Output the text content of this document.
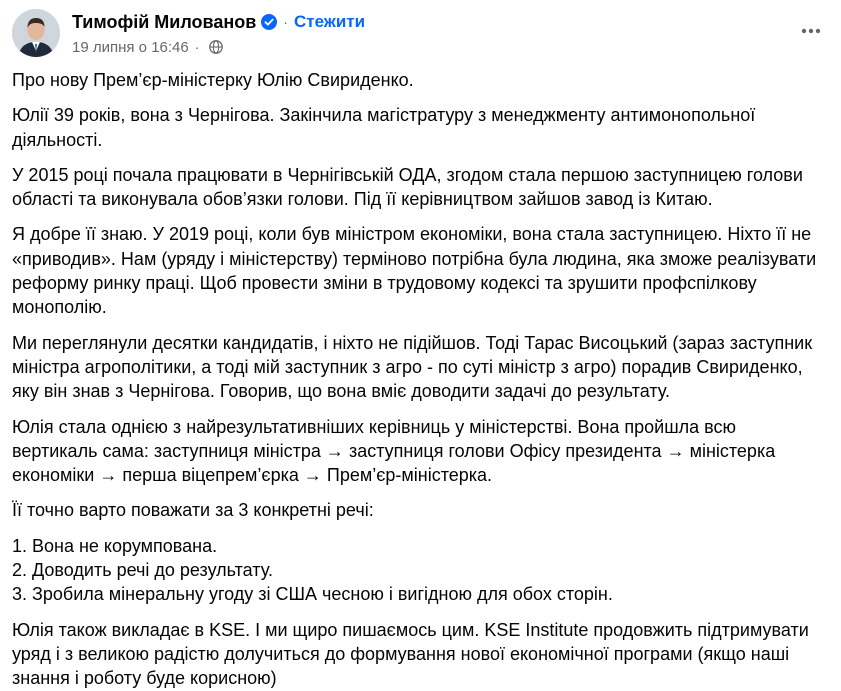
Тимофій Милованов · Стежити
19 липня о 16:46 ·

Про нову Прем’єр-міністерку Юлію Свириденко.

Юлії 39 років, вона з Чернігова. Закінчила магістратуру з менеджменту антимонопольної діяльності.

У 2015 році почала працювати в Чернігівській ОДА, згодом стала першою заступницею голови області та виконувала обов’язки голови. Під її керівництвом зайшов завод із Китаю.

Я добре її знаю. У 2019 році, коли був міністром економіки, вона стала заступницею. Ніхто її не «приводив». Нам (уряду і міністерству) терміново потрібна була людина, яка зможе реалізувати реформу ринку праці. Щоб провести зміни в трудовому кодексі та зрушити профспілкову монополію.

Ми переглянули десятки кандидатів, і ніхто не підійшов. Тоді Тарас Висоцький (зараз заступник міністра агрополітики, а тоді мій заступник з агро - по суті міністр з агро) порадив Свириденко, яку він знав з Чернігова. Говорив, що вона вміє доводити задачі до результату.

Юлія стала однією з найрезультативніших керівниць у міністерстві. Вона пройшла всю вертикаль сама: заступниця міністра → заступниця голови Офісу президента → міністерка економіки → перша віцепрем’єрка → Прем’єр-міністерка.

Її точно варто поважати за 3 конкретні речі:

1. Вона не корумпована.
2. Доводить речі до результату.
3. Зробила мінеральну угоду зі США чесною і вигідною для обох сторін.

Юлія також викладає в KSE. І ми щиро пишаємось цим. KSE Institute продовжить підтримувати уряд і з великою радістю долучиться до формування нової економічної програми (якщо наші знання і роботу буде корисною)
